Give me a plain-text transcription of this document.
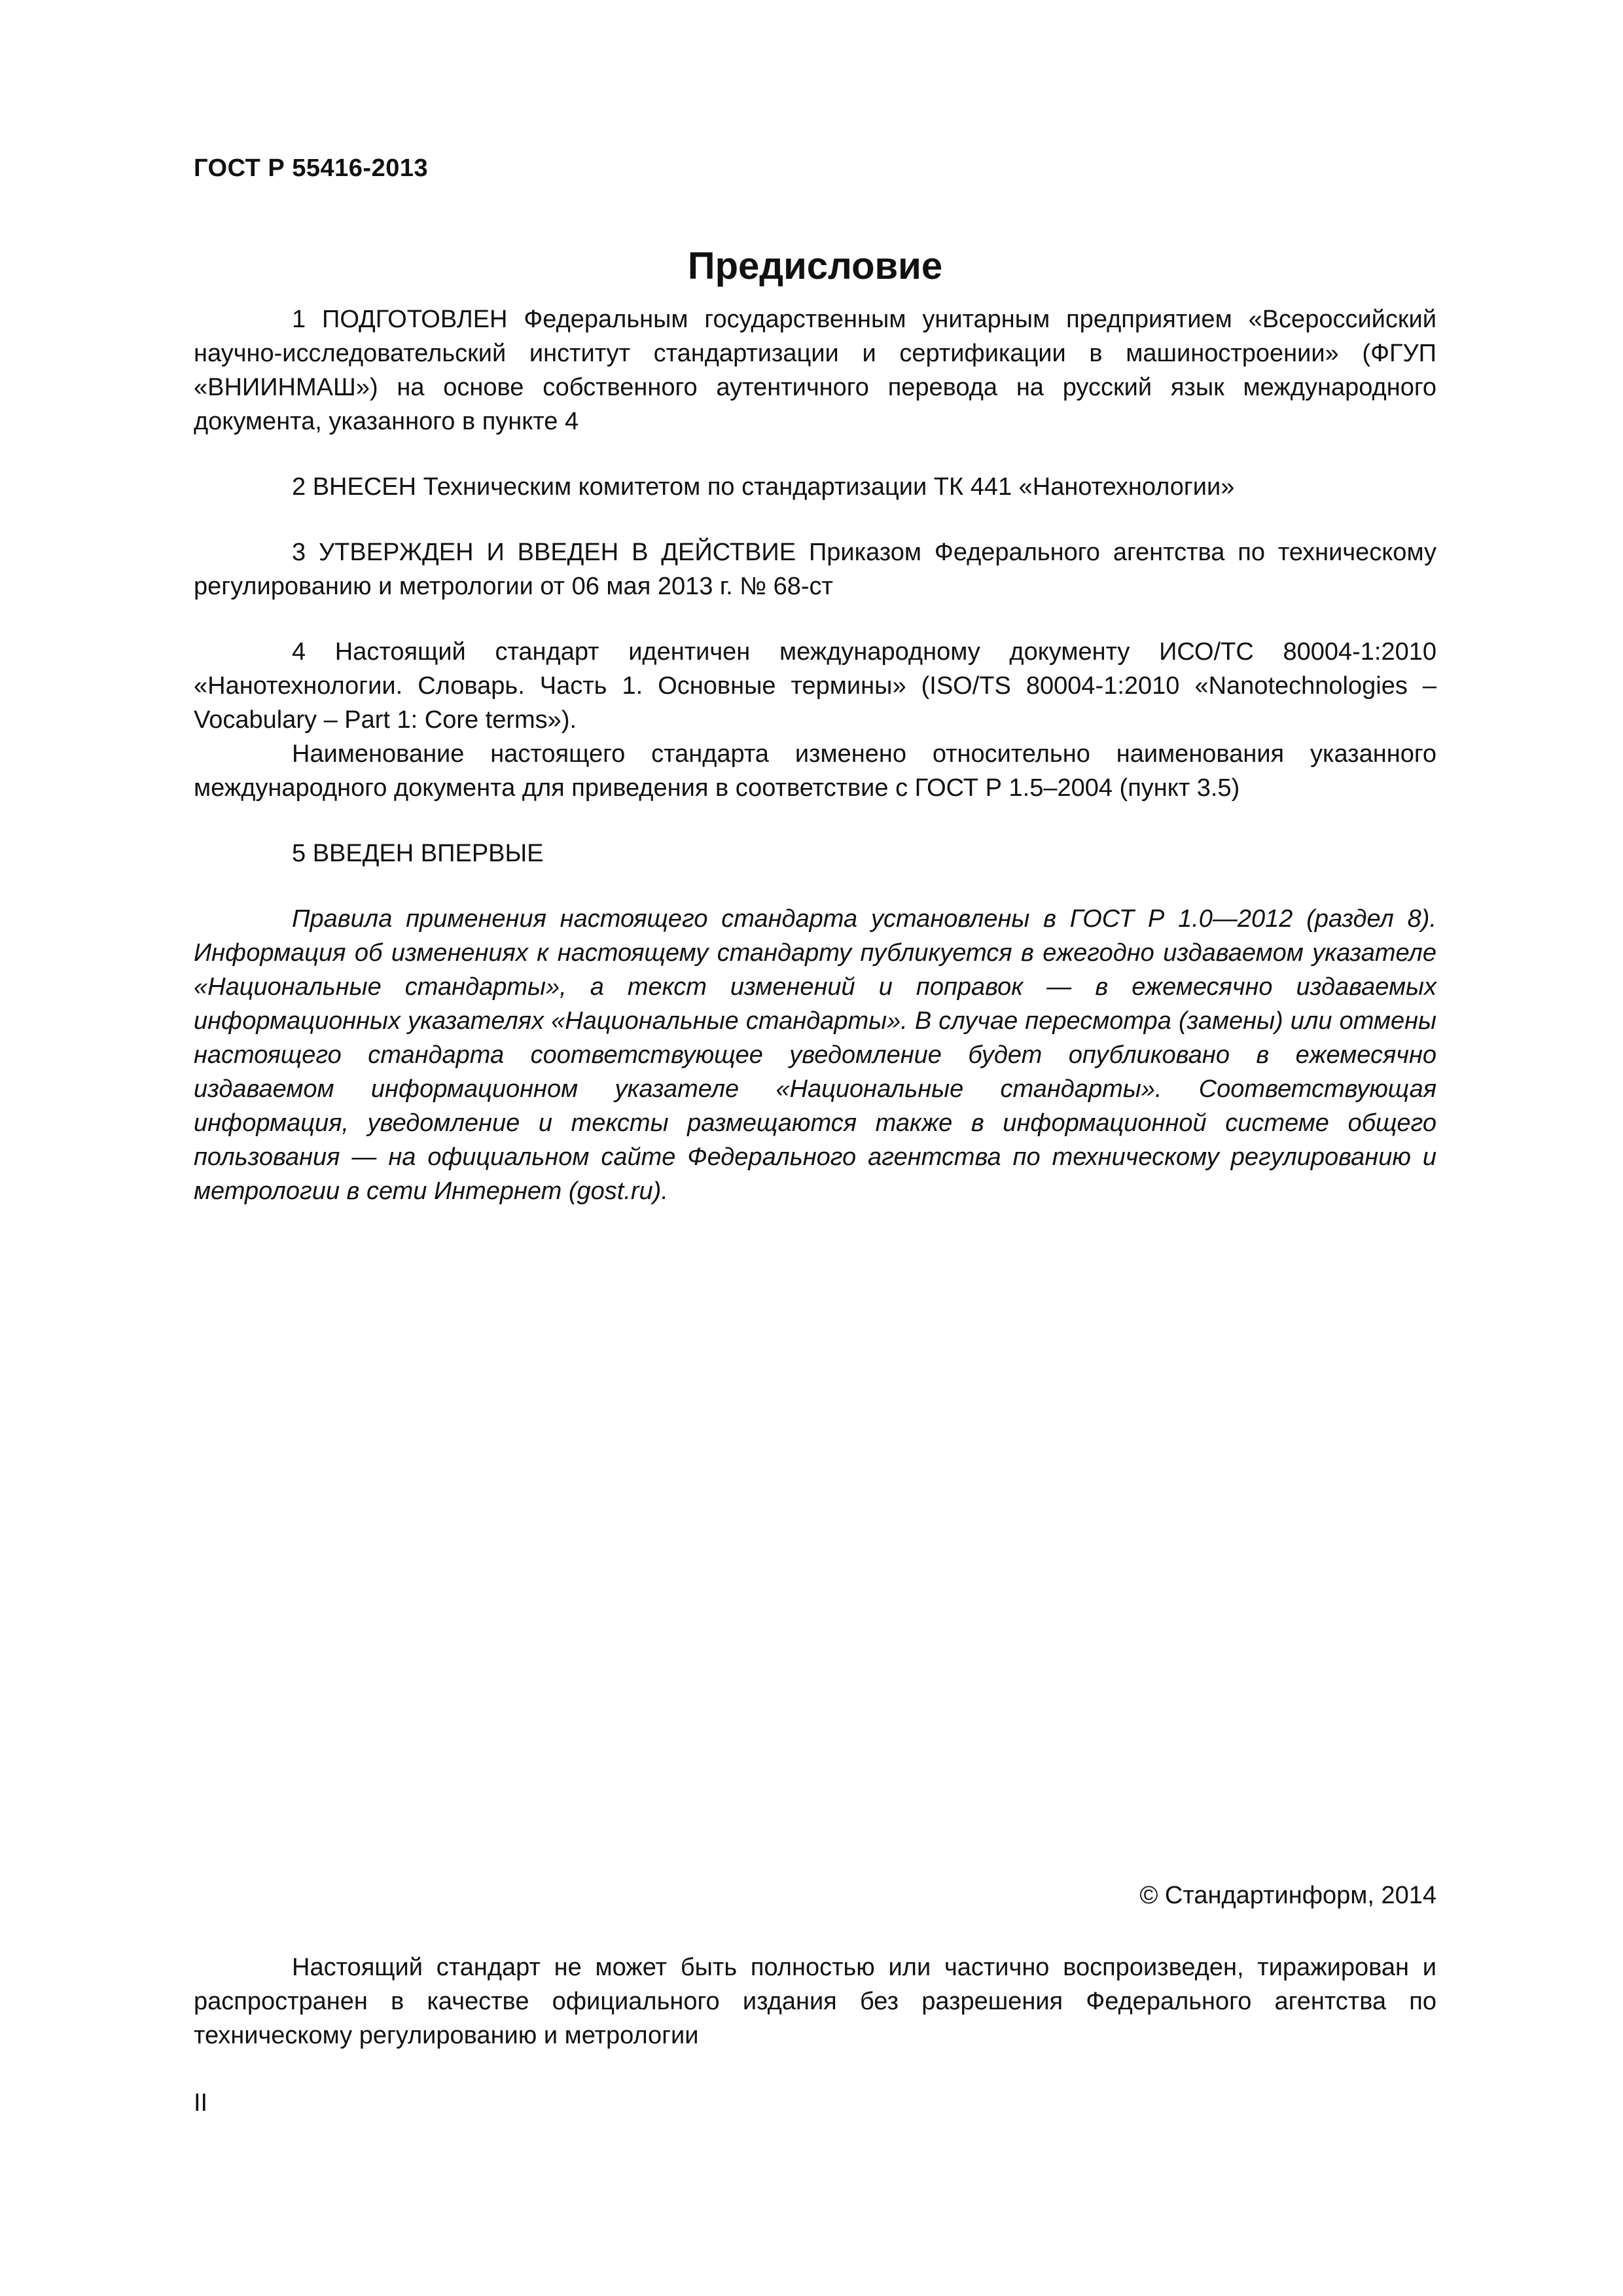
ГОСТ Р 55416-2013
Предисловие

1 ПОДГОТОВЛЕН Федеральным государственным унитарным предприятием «Всероссийский научно-исследовательский институт стандартизации и сертификации в машиностроении» (ФГУП «ВНИИНМАШ») на основе собственного аутентичного перевода на русский язык международного документа, указанного в пункте 4

2 ВНЕСЕН Техническим комитетом по стандартизации ТК 441 «Нанотехнологии»

3 УТВЕРЖДЕН И ВВЕДЕН В ДЕЙСТВИЕ Приказом Федерального агентства по техническому регулированию и метрологии от 06 мая 2013 г. № 68-ст

4 Настоящий стандарт идентичен международному документу ИСО/ТС 80004-1:2010 «Нанотехнологии. Словарь. Часть 1. Основные термины» (ISO/TS 80004-1:2010 «Nanotechnologies – Vocabulary – Part 1: Core terms»).

Наименование настоящего стандарта изменено относительно наименования указанного международного документа для приведения в соответствие с ГОСТ Р 1.5–2004 (пункт 3.5)

5 ВВЕДЕН ВПЕРВЫЕ

Правила применения настоящего стандарта установлены в ГОСТ Р 1.0—2012 (раздел 8). Информация об изменениях к настоящему стандарту публикуется в ежегодно издаваемом указателе «Национальные стандарты», а текст изменений и поправок — в ежемесячно издаваемых информационных указателях «Национальные стандарты». В случае пересмотра (замены) или отмены настоящего стандарта соответствующее уведомление будет опубликовано в ежемесячно издаваемом информационном указателе «Национальные стандарты». Соответствующая информация, уведомление и тексты размещаются также в информационной системе общего пользования — на официальном сайте Федерального агентства по техническому регулированию и метрологии в сети Интернет (gost.ru).

© Стандартинформ, 2014

Настоящий стандарт не может быть полностью или частично воспроизведен, тиражирован и распространен в качестве официального издания без разрешения Федерального агентства по техническому регулированию и метрологии

II
